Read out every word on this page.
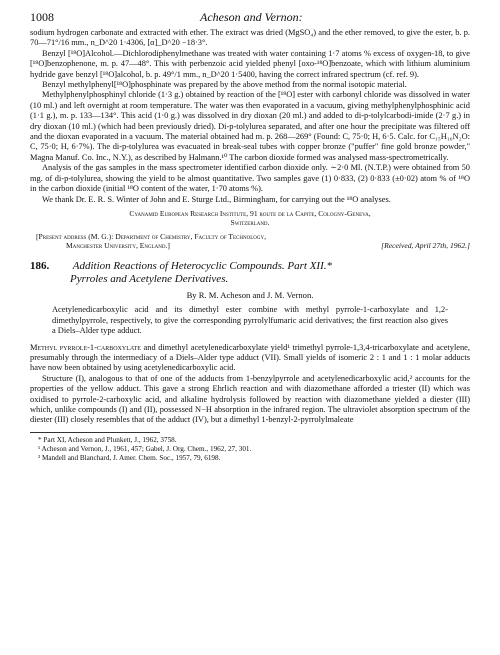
1008	Acheson and Vernon:

sodium hydrogen carbonate and extracted with ether. The extract was dried (MgSO₄) and the ether removed, to give the ester, b. p. 70—71°/16 mm., n_D^20 1·4306, [α]_D^20 −18·3°.

Benzyl [¹⁸O]Alcohol.—Dichlorodiphenylmethane was treated with water containing 1·7 atoms % excess of oxygen-18, to give [¹⁸O]benzophenone, m. p. 47—48°. This with perbenzoic acid yielded phenyl [oxo-¹⁸O]benzoate, which with lithium aluminium hydride gave benzyl [¹⁸O]alcohol, b. p. 49°/1 mm., n_D^20 1·5400, having the correct infrared spectrum (cf. ref. 9).

Benzyl methylphenyl[¹⁸O]phosphinate was prepared by the above method from the normal isotopic material.

Methylphenylphosphinyl chloride (1·3 g.) obtained by reaction of the [¹⁸O] ester with carbonyl chloride was dissolved in water (10 ml.) and left overnight at room temperature. The water was then evaporated in a vacuum, giving methylphenylphosphinic acid (1·1 g.), m. p. 133—134°. This acid (1·0 g.) was dissolved in dry dioxan (20 ml.) and added to di-p-tolylcarbodi-imide (2·7 g.) in dry dioxan (10 ml.) (which had been previously dried). Di-p-tolylurea separated, and after one hour the precipitate was filtered off and the dioxan evaporated in a vacuum. The material obtained had m. p. 268—269° (Found: C, 75·0; H, 6·5. Calc. for C₁₅H₁₆N₂O: C, 75·0; H, 6·7%). The di-p-tolylurea was evacuated in break-seal tubes with copper bronze ("puffer" fine gold bronze powder," Magna Manuf. Co. Inc., N.Y.), as described by Halmann.¹⁰ The carbon dioxide formed was analysed mass-spectrometrically.

Analysis of the gas samples in the mass spectrometer identified carbon dioxide only. ∼2·0 Ml. (N.T.P.) were obtained from 50 mg. of di-p-tolylurea, showing the yield to be almost quantitative. Two samples gave (1) 0·833, (2) 0·833 (±0·02) atom % of ¹⁸O in the carbon dioxide (initial ¹⁸O content of the water, 1·70 atoms %).

We thank Dr. E. R. S. Winter of John and E. Sturge Ltd., Birmingham, for carrying out the ¹⁸O analyses.

Cyanamid European Research Institute, 91 route de la Capite, Cologny-Geneva,
Switzerland.
[Present address (M. G.): Department of Chemistry, Faculty of Technology,
Manchester University, England.]	[Received, April 27th, 1962.]
186. Addition Reactions of Heterocyclic Compounds. Part XII.*
Pyrroles and Acetylene Derivatives.
By R. M. Acheson and J. M. Vernon.
Acetylenedicarboxylic acid and its dimethyl ester combine with methyl pyrrole-1-carboxylate and 1,2-dimethylpyrrole, respectively, to give the corresponding pyrrolylfumaric acid derivatives; the first reaction also gives a Diels–Alder type adduct.

Methyl pyrrole-1-carboxylate and dimethyl acetylenedicarboxylate yield¹ trimethyl pyrrole-1,3,4-tricarboxylate and acetylene, presumably through the intermediacy of a Diels–Alder type adduct (VII). Small yields of isomeric 2 : 1 and 1 : 1 molar adducts have now been obtained by using acetylenedicarboxylic acid.

Structure (I), analogous to that of one of the adducts from 1-benzylpyrrole and acetylenedicarboxylic acid,² accounts for the properties of the yellow adduct. This gave a strong Ehrlich reaction and with diazomethane afforded a triester (II) which was oxidised to pyrrole-2-carboxylic acid, and alkaline hydrolysis followed by reaction with diazomethane yielded a diester (III) which, unlike compounds (I) and (II), possessed N−H absorption in the infrared region. The ultraviolet absorption spectrum of the diester (III) closely resembles that of the adduct (IV), but a dimethyl 1-benzyl-2-pyrrolylmaleate

* Part XI, Acheson and Plunkett, J., 1962, 3758.

¹ Acheson and Vernon, J., 1961, 457; Gabel, J. Org. Chem., 1962, 27, 301.

² Mandell and Blanchard, J. Amer. Chem. Soc., 1957, 79, 6198.
